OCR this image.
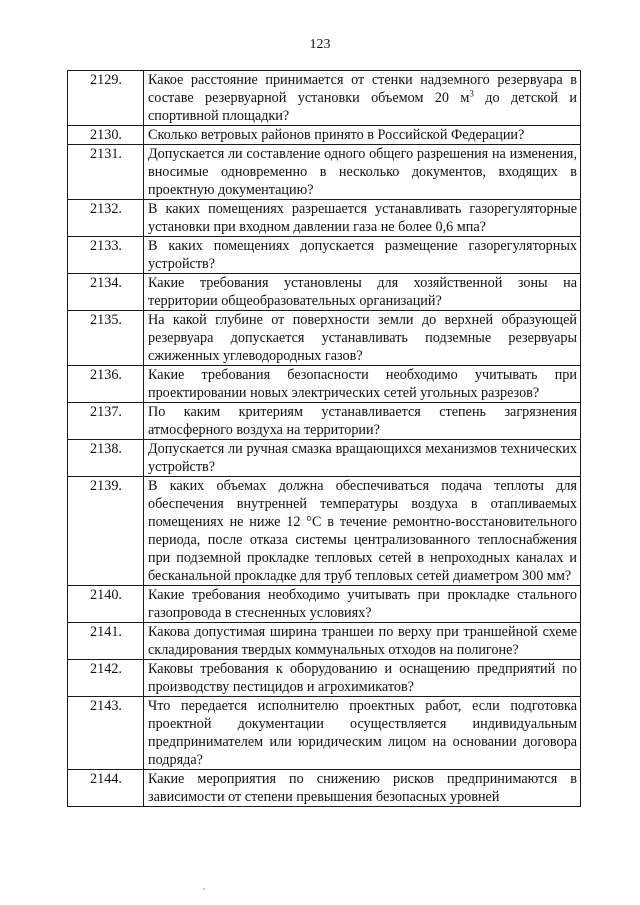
123
2129.	Какое расстояние принимается от стенки надземного резервуара в составе резервуарной установки объемом 20 $м^3$ до детской и спортивной площадки?
2130.	Сколько ветровых районов принято в Российской Федерации?
2131.	Допускается ли составление одного общего разрешения на изменения, вносимые одновременно в несколько документов, входящих в проектную документацию?
2132.	В каких помещениях разрешается устанавливать газорегуляторные установки при входном давлении газа не более 0,6 мпа?
2133.	В каких помещениях допускается размещение газорегуляторных устройств?
2134.	Какие требования установлены для хозяйственной зоны на территории общеобразовательных организаций?
2135.	На какой глубине от поверхности земли до верхней образующей резервуара допускается устанавливать подземные резервуары сжиженных углеводородных газов?
2136.	Какие требования безопасности необходимо учитывать при проектировании новых электрических сетей угольных разрезов?
2137.	По каким критериям устанавливается степень загрязнения атмосферного воздуха на территории?
2138.	Допускается ли ручная смазка вращающихся механизмов технических устройств?
2139.	В каких объемах должна обеспечиваться подача теплоты для обеспечения внутренней температуры воздуха в отапливаемых помещениях не ниже 12 °С в течение ремонтно-восстановительного периода, после отказа системы централизованного теплоснабжения при подземной прокладке тепловых сетей в непроходных каналах и бесканальной прокладке для труб тепловых сетей диаметром 300 мм?
2140.	Какие требования необходимо учитывать при прокладке стального газопровода в стесненных условиях?
2141.	Какова допустимая ширина траншеи по верху при траншейной схеме складирования твердых коммунальных отходов на полигоне?
2142.	Каковы требования к оборудованию и оснащению предприятий по производству пестицидов и агрохимикатов?
2143.	Что передается исполнителю проектных работ, если подготовка проектной документации осуществляется индивидуальным предпринимателем или юридическим лицом на основании договора подряда?
2144.	Какие мероприятия по снижению рисков предпринимаются в зависимости от степени превышения безопасных уровней
